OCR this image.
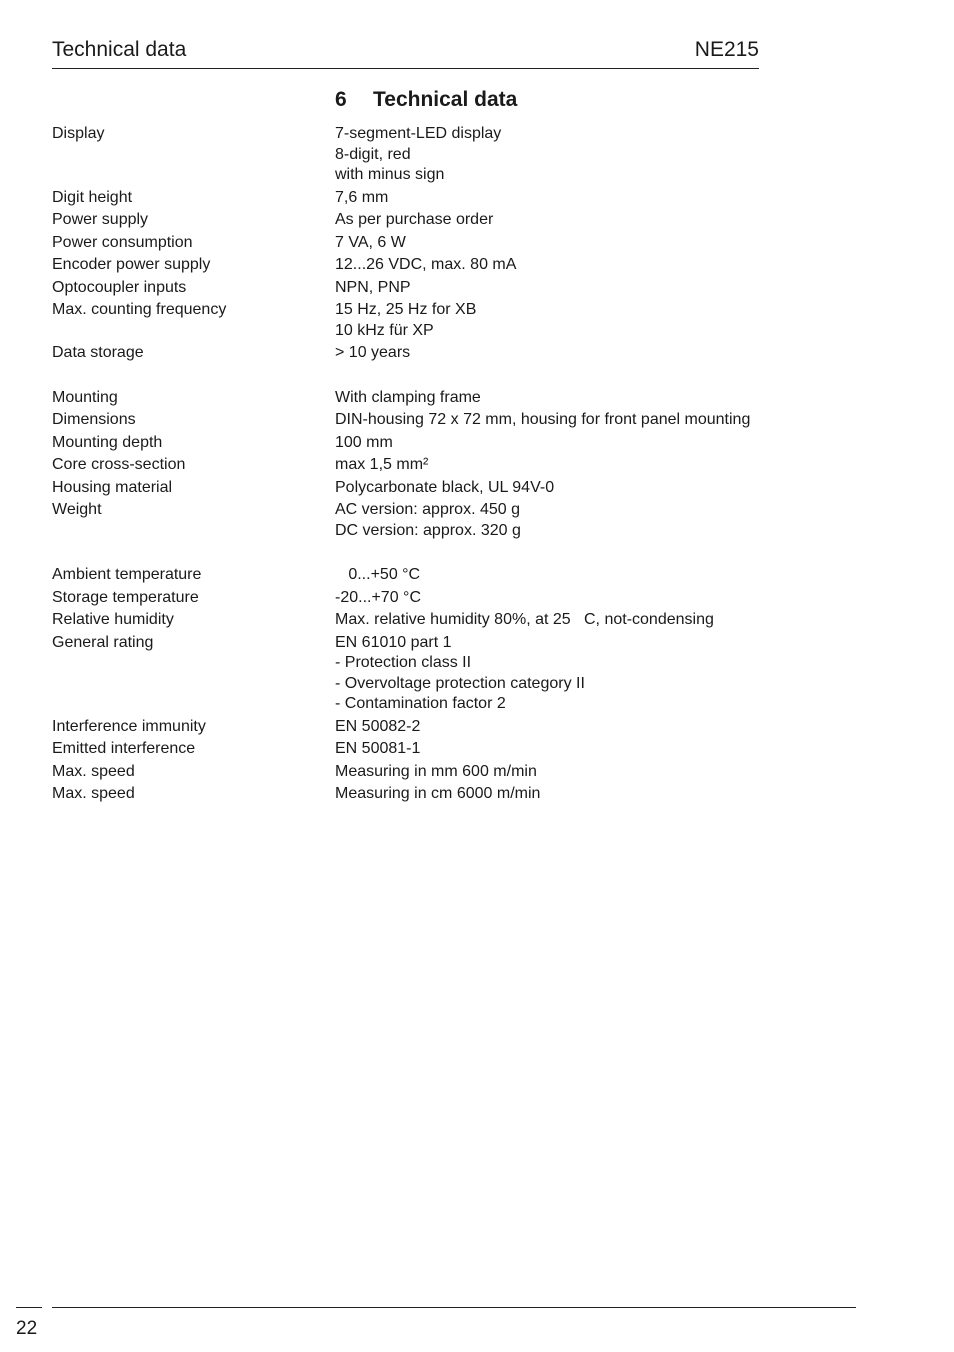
Technical data	NE215
6 Technical data
Display	7-segment-LED display
8-digit, red
with minus sign
Digit height	7,6 mm
Power supply	As per purchase order
Power consumption	7 VA, 6 W
Encoder power supply	12...26 VDC, max. 80 mA
Optocoupler inputs	NPN, PNP
Max. counting frequency	15 Hz, 25 Hz for XB
10 kHz für XP
Data storage	> 10 years
Mounting	With clamping frame
Dimensions	DIN-housing 72 x 72 mm, housing for front panel mounting
Mounting depth	100 mm
Core cross-section	max 1,5 mm²
Housing material	Polycarbonate black, UL 94V-0
Weight	AC version: approx. 450 g
DC version: approx. 320 g
Ambient temperature	0...+50 °C
Storage temperature	-20...+70 °C
Relative humidity	Max. relative humidity 80%, at 25   C, not-condensing
General rating	EN 61010 part 1
- Protection class II
- Overvoltage protection category II
- Contamination factor 2
Interference immunity	EN 50082-2
Emitted interference	EN 50081-1
Max. speed	Measuring in mm 600 m/min
Max. speed	Measuring in cm 6000 m/min
22
